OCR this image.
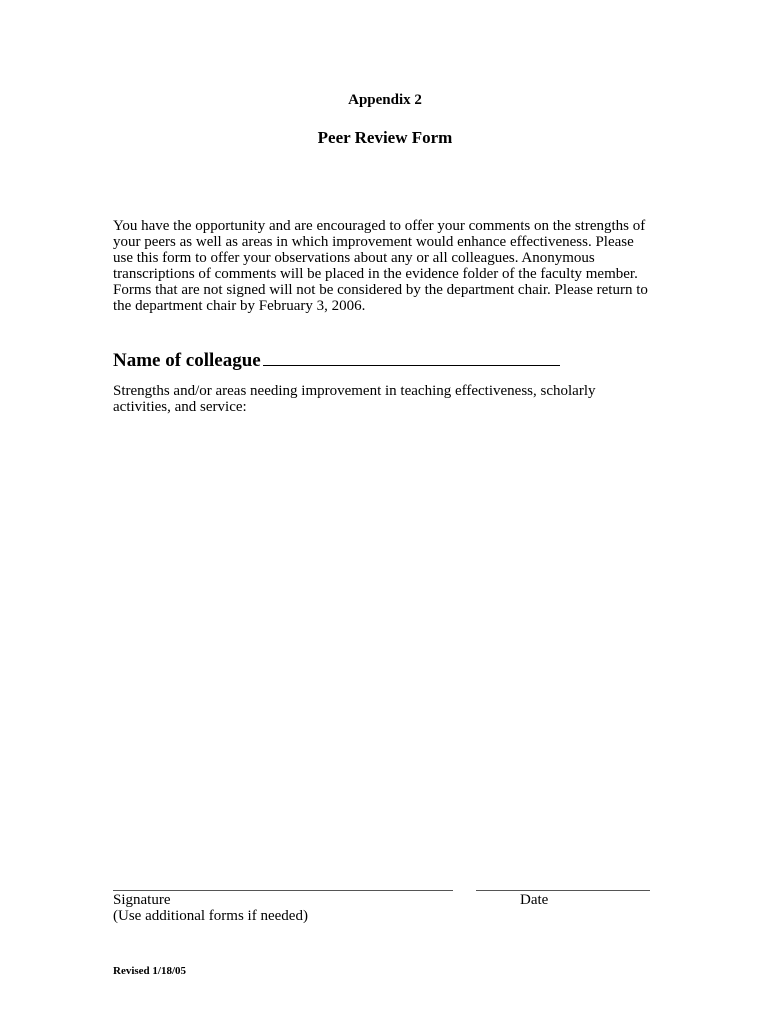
Appendix 2
Peer Review Form

You have the opportunity and are encouraged to offer your comments on the strengths of
your peers as well as areas in which improvement would enhance effectiveness. Please
use this form to offer your observations about any or all colleagues. Anonymous
transcriptions of comments will be placed in the evidence folder of the faculty member.
Forms that are not signed will not be considered by the department chair. Please return to
the department chair by February 3, 2006.

Name of colleague
Strengths and/or areas needing improvement in teaching effectiveness, scholarly
activities, and service:
Signature
(Use additional forms if needed)
Date
Revised 1/18/05
